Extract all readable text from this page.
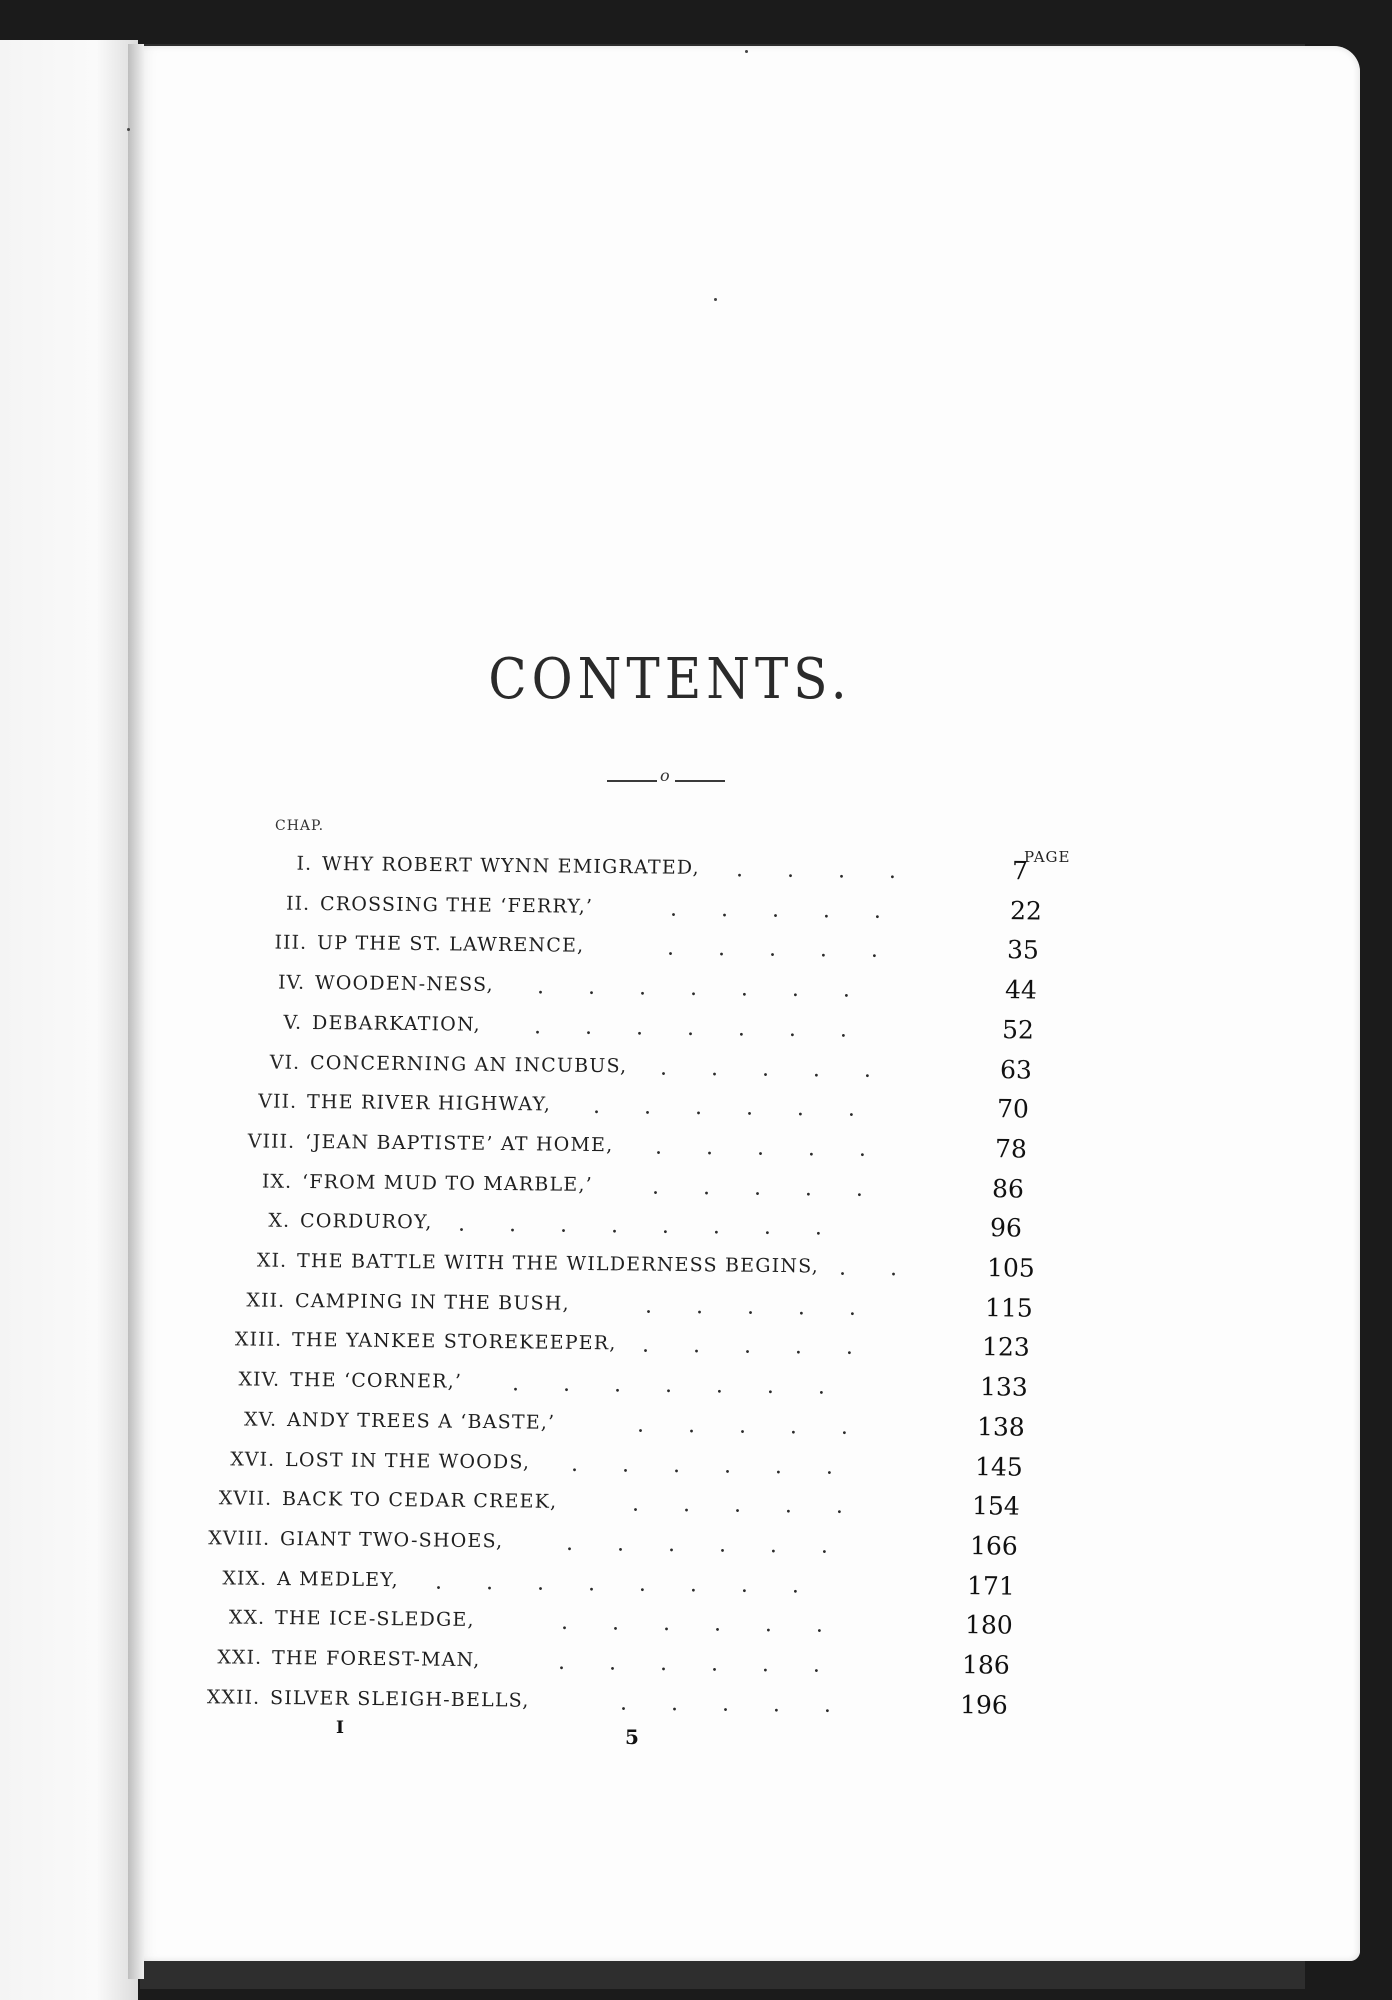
CONTENTS.
o
CHAP.
PAGE
I. WHY ROBERT WYNN EMIGRATED, ....	7
II. CROSSING THE ‘FERRY,’	.....	22
III. UP THE ST. LAWRENCE,	.....	35
IV. WOODEN-NESS, .......	44
V. DEBARKATION, .......	52
VI. CONCERNING AN INCUBUS, .....	63
VII. THE RIVER HIGHWAY, ......	70
VIII. ‘JEAN BAPTISTE’ AT HOME, .....	78
IX. ‘FROM MUD TO MARBLE,’	.....	86
X. CORDUROY, ........	96
XI. THE BATTLE WITH THE WILDERNESS BEGINS, .. 105
XII. CAMPING IN THE BUSH,	.....	115
XIII. THE YANKEE STOREKEEPER, .....	123
XIV. THE ‘CORNER,’ .......	133
XV. ANDY TREES A ‘BASTE,’	.....	138
XVI. LOST IN THE WOODS, ......	145
XVII. BACK TO CEDAR CREEK,	.....	154
XVIII. GIANT TWO-SHOES,	......	166
XIX. A MEDLEY, ........	171
XX. THE ICE-SLEDGE,	......	180
XXI. THE FOREST-MAN,	......	186
XXII. SILVER SLEIGH-BELLS,	.....	196
I	5
